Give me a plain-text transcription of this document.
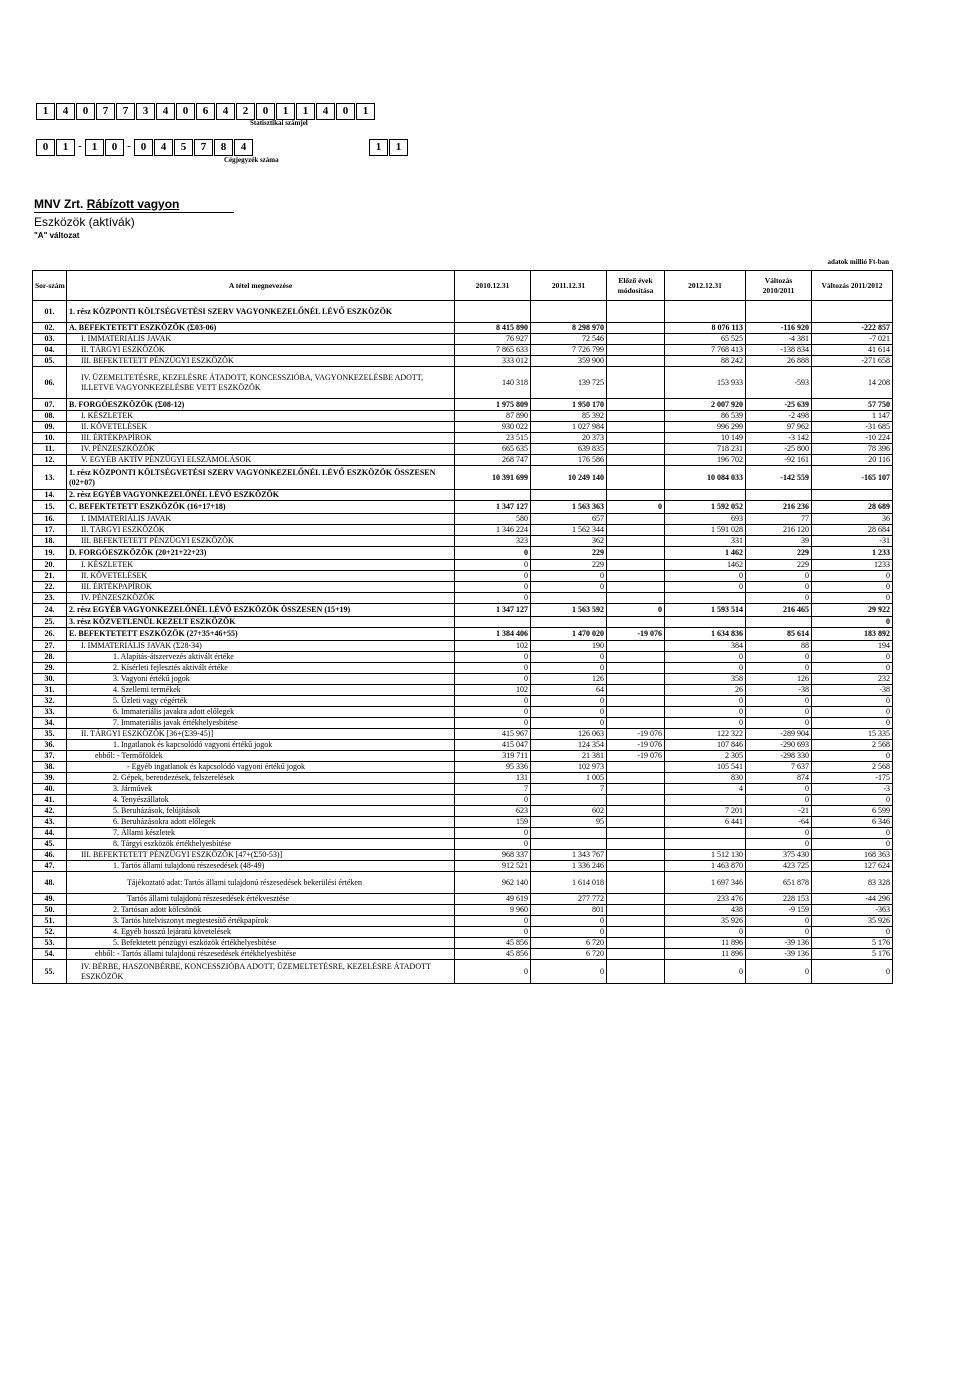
1	4	0	7	7	3	4	0	6	4	2	0	1	1	4	0	1
Statisztikai számjel
0	1 - 1	0 - 0	4	5	7	8	4	1	1
Cégjegyzék száma
MNV Zrt. Rábízott vagyon
Eszközök (aktívák)
"A" változat
adatok millió Ft-ban
Sor-szám	A tétel megnevezése	2010.12.31	2011.12.31	Előző évek módosítása	2012.12.31	Változás 2010/2011	Változás 2011/2012
01.	1. rész KÖZPONTI KÖLTSÉGVETÉSI SZERV VAGYONKEZELŐNÉL LÉVŐ ESZKÖZÖK						
02.	A. BEFEKTETETT ESZKÖZÖK (Σ03-06)	8 415 890	8 298 970		8 076 113	-116 920	-222 857
03.	I. IMMATERIÁLIS JAVAK	76 927	72 546		65 525	-4 381	-7 021
04.	II. TÁRGYI ESZKÖZÖK	7 865 633	7 726 799		7 768 413	-138 834	41 614
05.	III. BEFEKTETETT PÉNZÜGYI ESZKÖZÖK	333 012	359 900		88 242	26 888	-271 658
06.	IV. ÜZEMELTETÉSRE, KEZELÉSRE ÁTADOTT, KONCESSZIÓBA, VAGYONKEZELÉSBE ADOTT, ILLETVE VAGYONKEZELÉSBE VETT ESZKÖZÖK	140 318	139 725		153 933	-593	14 208
07.	B. FORGÓESZKÖZÖK (Σ08-12)	1 975 809	1 950 170		2 007 920	-25 639	57 750
08.	I. KÉSZLETEK	87 890	85 392		86 539	-2 498	1 147
09.	II. KÖVETELÉSEK	930 022	1 027 984		996 299	97 962	-31 685
10.	III. ÉRTÉKPAPÍROK	23 515	20 373		10 149	-3 142	-10 224
11.	IV. PÉNZESZKÖZÖK	665 635	639 835		718 231	-25 800	78 396
12.	V. EGYÉB AKTÍV PÉNZÜGYI ELSZÁMOLÁSOK	268 747	176 586		196 702	-92 161	20 116
13.	1. rész KÖZPONTI KÖLTSÉGVETÉSI SZERV VAGYONKEZELŐNÉL LÉVŐ ESZKÖZÖK ÖSSZESEN (02+07)	10 391 699	10 249 140		10 084 033	-142 559	-165 107
14.	2. rész EGYÉB VAGYONKEZELŐNÉL LÉVŐ ESZKÖZÖK						
15.	C. BEFEKTETETT ESZKÖZÖK (16+17+18)	1 347 127	1 563 363	0	1 592 052	216 236	28 689
16.	I. IMMATERIÁLIS JAVAK	580	657		693	77	36
17.	II. TÁRGYI ESZKÖZÖK	1 346 224	1 562 344		1 591 028	216 120	28 684
18.	III. BEFEKTETETT PÉNZÜGYI ESZKÖZÖK	323	362		331	39	-31
19.	D. FORGÓESZKÖZÖK (20+21+22+23)	0	229		1 462	229	1 233
20.	I. KÉSZLETEK	0	229		1462	229	1233
21.	II. KÖVETELÉSEK	0	0		0	0	0
22.	III. ÉRTÉKPAPÍROK	0	0		0	0	0
23.	IV. PÉNZESZKÖZÖK	0				0	0
24.	2. rész EGYÉB VAGYONKEZELŐNÉL LÉVŐ ESZKÖZÖK ÖSSZESEN (15+19)	1 347 127	1 563 592	0	1 593 514	216 465	29 922
25.	3. rész KÖZVETLENÜL KEZELT ESZKÖZÖK						0
26.	E. BEFEKTETETT ESZKÖZÖK (27+35+46+55)	1 384 406	1 470 020	-19 076	1 634 836	85 614	183 892
27.	I. IMMATERIÁLIS JAVAK (Σ28-34)	102	190		384	88	194
28.	1. Alapítás-átszervezés aktivált értéke	0	0		0	0	0
29.	2. Kísérleti fejlesztés aktivált értéke	0	0		0	0	0
30.	3. Vagyoni értékű jogok	0	126		358	126	232
31.	4. Szellemi termékek	102	64		26	-38	-38
32.	5. Üzleti vagy cégérték	0	0		0	0	0
33.	6. Immateriális javakra adott előlegek	0	0		0	0	0
34.	7. Immateriális javak értékhelyesbítése	0	0		0	0	0
35.	II. TÁRGYI ESZKÖZÖK [36+(Σ39-45)]	415 967	126 063	-19 076	122 322	-289 904	15 335
36.	1. Ingatlanok és kapcsolódó vagyoni értékű jogok	415 047	124 354	-19 076	107 846	-290 693	2 568
37.	ebből: - Termőföldek	319 711	21 381	-19 076	2 305	-298 330	0
38.	- Egyéb ingatlanok és kapcsolódó vagyoni értékű jogok	95 336	102 973		105 541	7 637	2 568
39.	2. Gépek, berendezések, felszerelések	131	1 005		830	874	-175
40.	3. Járművek	7	7		4	0	-3
41.	4. Tenyészállatok	0				0	0
42.	5. Beruházások, felújítások	623	602		7 201	-21	6 599
43.	6. Beruházásokra adott előlegek	159	95		6 441	-64	6 346
44.	7. Állami készletek	0				0	0
45.	8. Tárgyi eszközök értékhelyesbítése	0				0	0
46.	III. BEFEKTETETT PÉNZÜGYI ESZKÖZÖK [47+(Σ50-53)]	968 337	1 343 767		1 512 130	375 430	168 363
47.	1. Tartós állami tulajdonú részesedések (48-49)	912 521	1 336 246		1 463 870	423 725	127 624
48.	Tájékoztató adat: Tartós állami tulajdonú részesedések bekerülési értéken	962 140	1 614 018		1 697 346	651 878	83 328
49.	Tartós állami tulajdonú részesedések értékvesztése	49 619	277 772		233 476	228 153	-44 296
50.	2. Tartósan adott kölcsönök	9 960	801		438	-9 159	-363
51.	3. Tartós hitelviszonyt megtestesítő értékpapírok	0	0		35 926	0	35 926
52.	4. Egyéb hosszú lejáratú követelések	0	0		0	0	0
53.	5. Befektetett pénzügyi eszközök értékhelyesbítése	45 856	6 720		11 896	-39 136	5 176
54.	ebből: - Tartós állami tulajdonú részesedések értékhelyesbítése	45 856	6 720		11 896	-39 136	5 176
55.	IV. BÉRBE, HASZONBÉRBE, KONCESSZIÓBA ADOTT, ÜZEMELTETÉSRE, KEZELÉSRE ÁTADOTT ESZKÖZÖK	0	0		0	0	0
